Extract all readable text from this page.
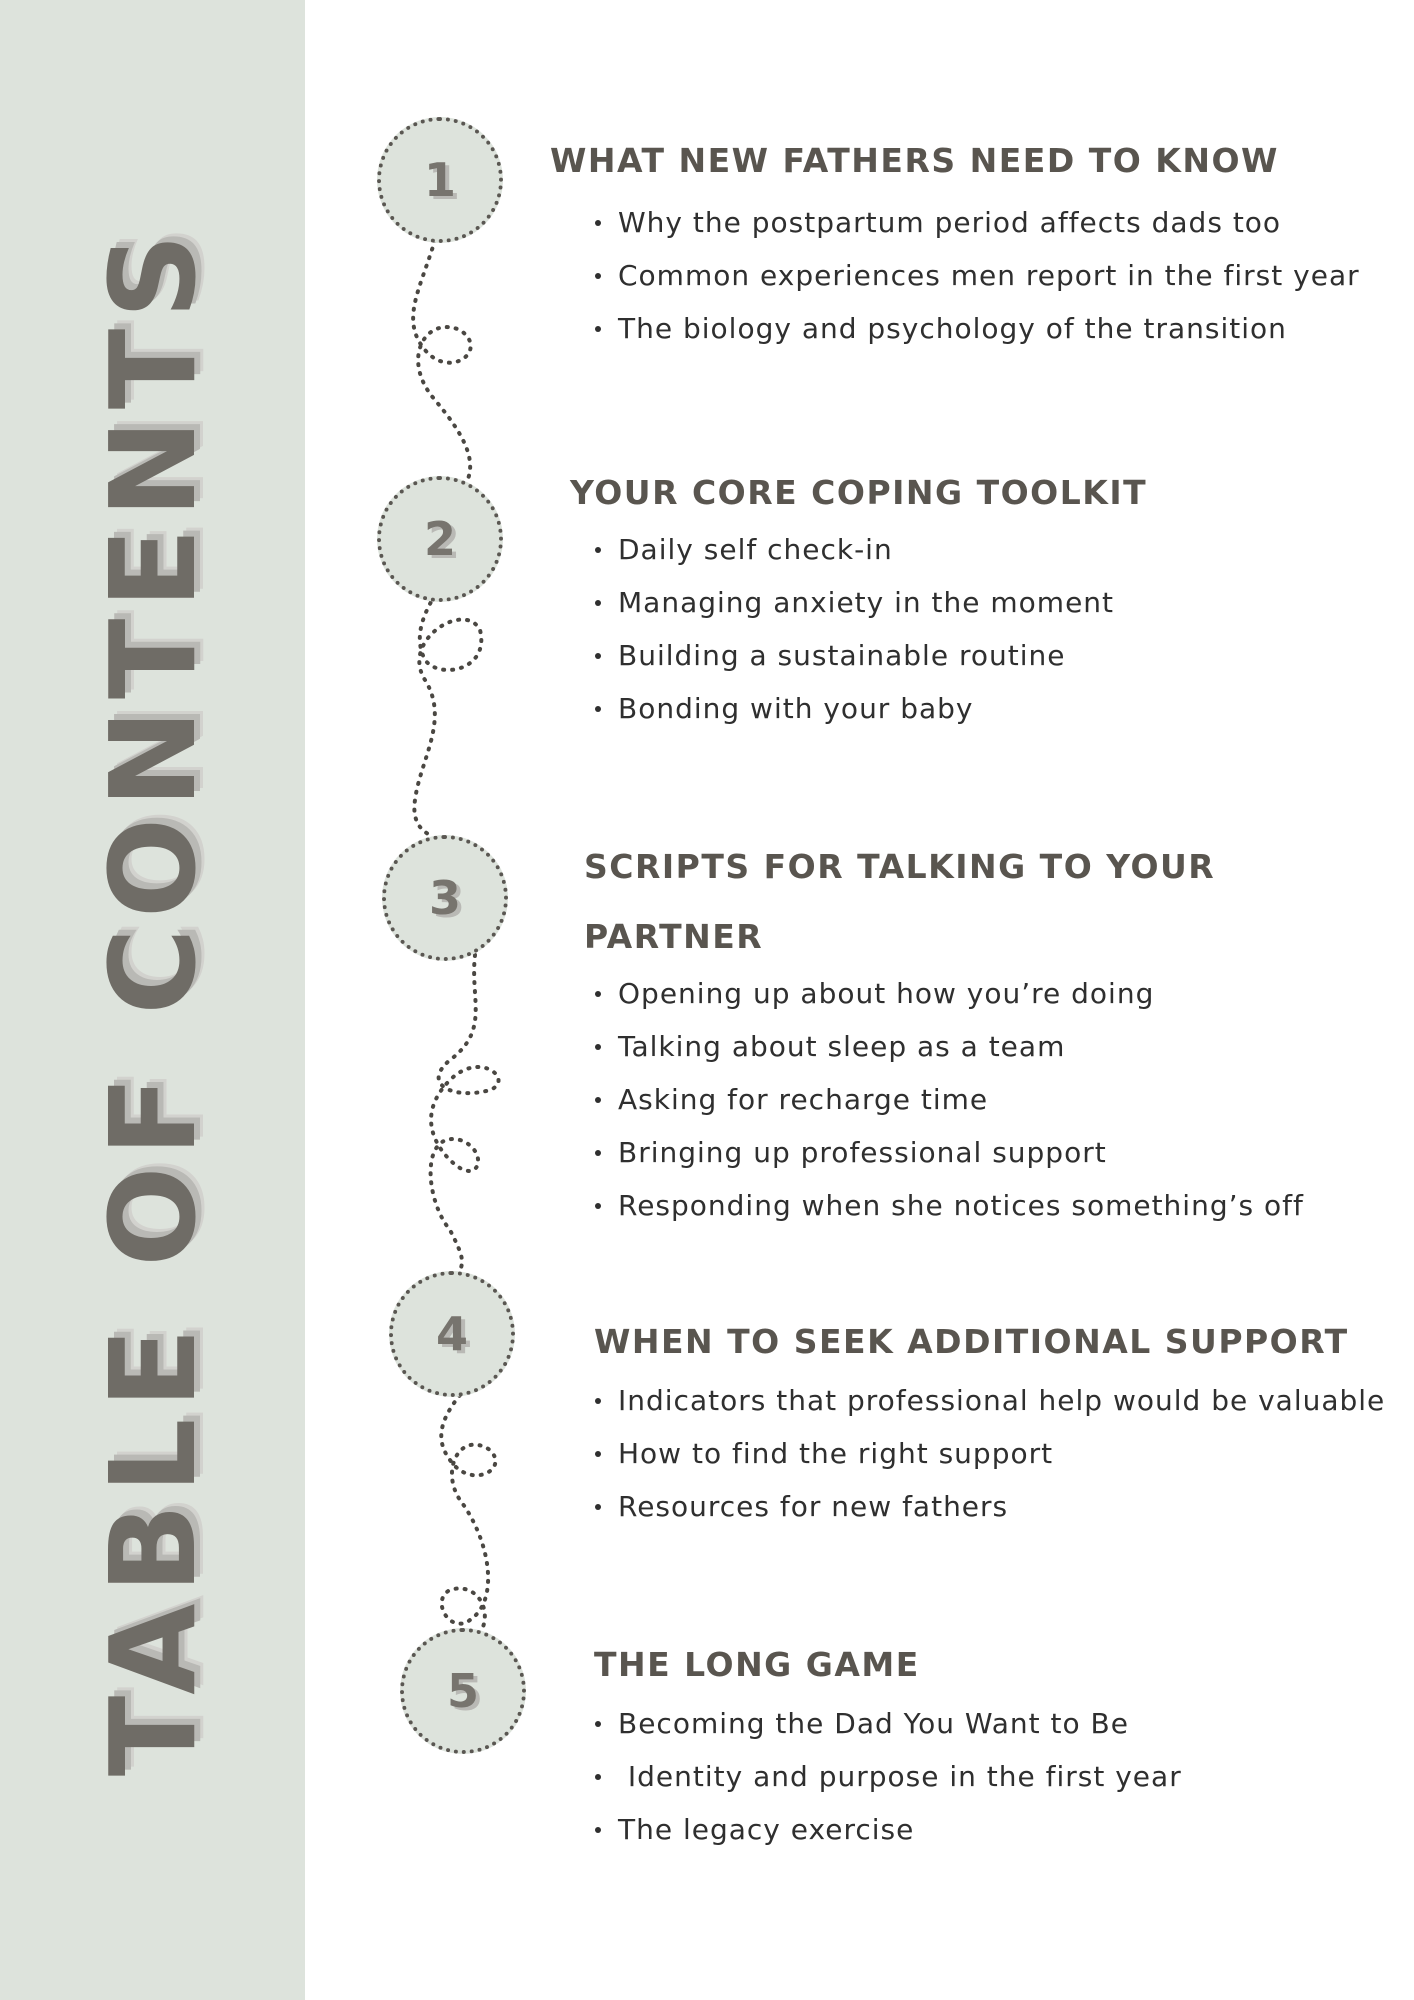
TABLE OF CONTENTS
1
2
3
4
5
WHAT NEW FATHERS NEED TO KNOW
Why the postpartum period affects dads too
Common experiences men report in the first year
The biology and psychology of the transition
YOUR CORE COPING TOOLKIT
Daily self check-in
Managing anxiety in the moment
Building a sustainable routine
Bonding with your baby
SCRIPTS FOR TALKING TO YOUR PARTNER
Opening up about how you’re doing
Talking about sleep as a team
Asking for recharge time
Bringing up professional support
Responding when she notices something’s off
WHEN TO SEEK ADDITIONAL SUPPORT
Indicators that professional help would be valuable
How to find the right support
Resources for new fathers
THE LONG GAME
Becoming the Dad You Want to Be
Identity and purpose in the first year
The legacy exercise
